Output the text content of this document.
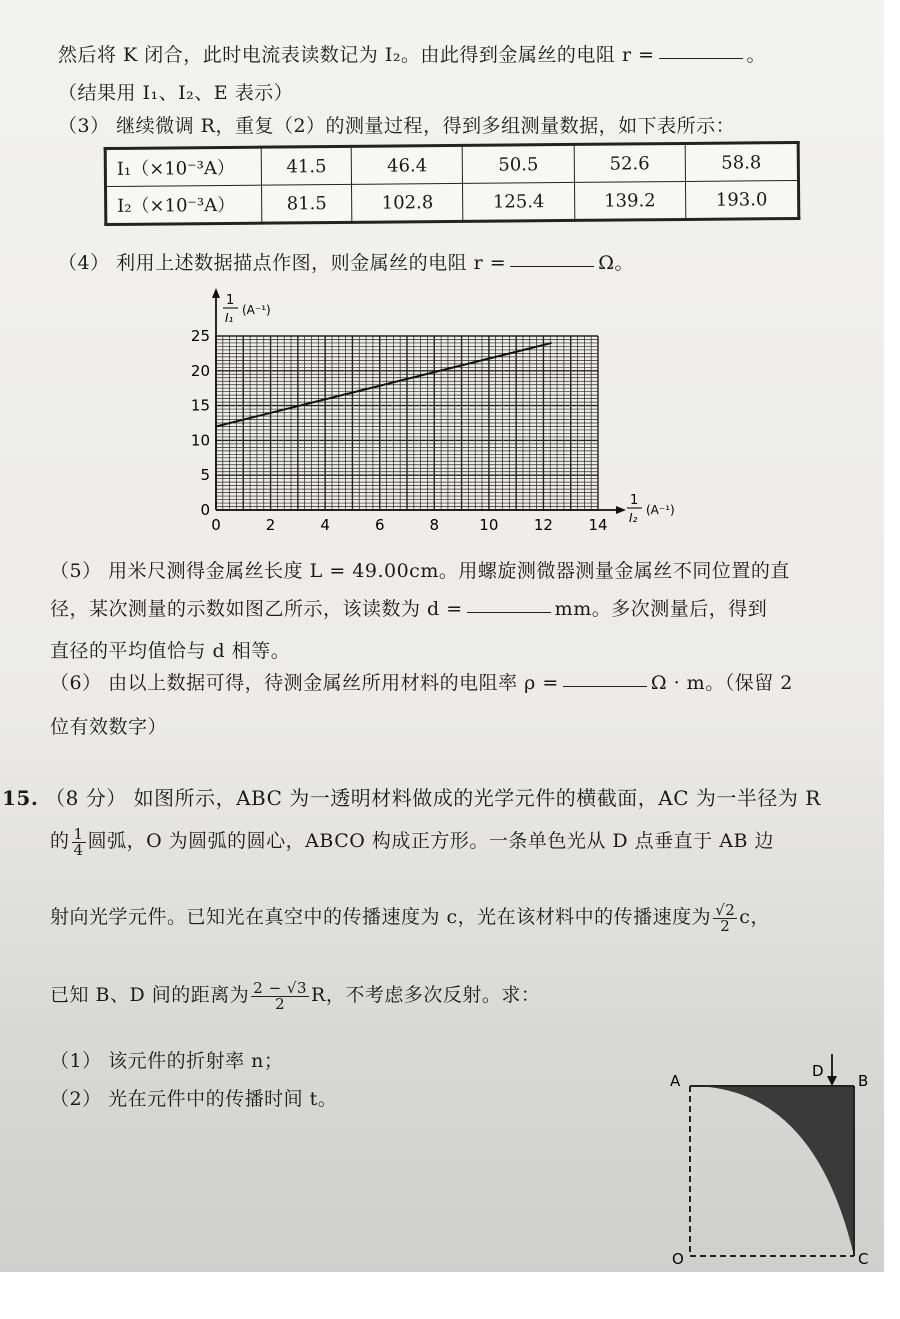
然后将 K 闭合，此时电流表读数记为 I₂。由此得到金属丝的电阻 r =	。
（结果用 I₁、I₂、E 表示）
（3） 继续微调 R，重复（2）的测量过程，得到多组测量数据，如下表所示：
I₁（×10⁻³A）	41.5	46.4	50.5	52.6	58.8
I₂（×10⁻³A）	81.5	102.8	125.4	139.2	193.0
（4） 利用上述数据描点作图，则金属丝的电阻 r =	Ω。
0	2	4	6	8	10 12 14
0
5
10
15
20
25
1
I₁
(A⁻¹)
1
I₂
(A⁻¹)
（5） 用米尺测得金属丝长度 L = 49.00cm。用螺旋测微器测量金属丝不同位置的直
径，某次测量的示数如图乙所示，该读数为 d =	mm。多次测量后，得到
直径的平均值恰与 d 相等。
（6） 由以上数据可得，待测金属丝所用材料的电阻率 ρ =	Ω · m。（保留 2
位有效数字）
15. （8 分） 如图所示，ABC 为一透明材料做成的光学元件的横截面，AC 为一半径为 R
的 $\frac{1}{4}$ 圆弧，O 为圆弧的圆心，ABCO 构成正方形。一条单色光从 D 点垂直于 AB 边
射向光学元件。已知光在真空中的传播速度为 c，光在该材料中的传播速度为 $\frac{√2}{2}$ c，
已知 B、D 间的距离为 $\frac{2 - √3}{2}$ R，不考虑多次反射。求：
（1） 该元件的折射率 n；
（2） 光在元件中的传播时间 t。
A	B
C
D
O
